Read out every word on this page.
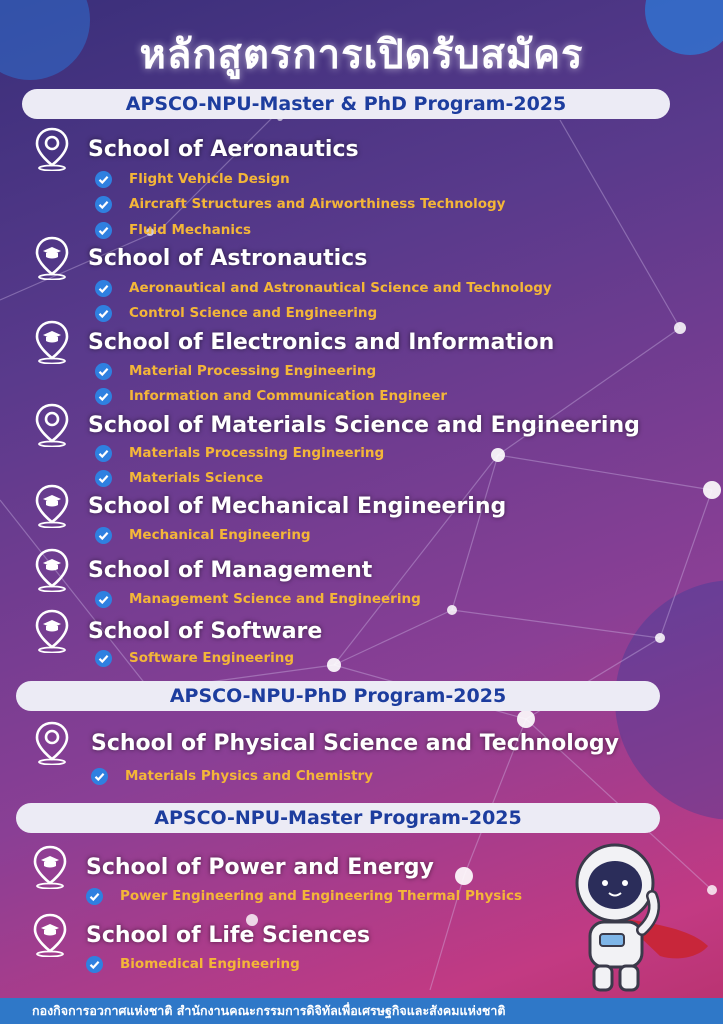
หลักสูตรการเปิดรับสมัคร
APSCO-NPU-Master & PhD Program-2025
School of Aeronautics
Flight Vehicle Design
Aircraft Structures and Airworthiness Technology
Fluid Mechanics
School of Astronautics
Aeronautical and Astronautical Science and Technology
Control Science and Engineering
School of Electronics and Information
Material Processing Engineering
Information and Communication Engineer
School of Materials Science and Engineering
Materials Processing Engineering
Materials Science
School of Mechanical Engineering
Mechanical Engineering
School of Management
Management Science and Engineering
School of Software
Software Engineering
APSCO-NPU-PhD Program-2025
School of Physical Science and Technology
Materials Physics and Chemistry
APSCO-NPU-Master Program-2025
School of Power and Energy
Power Engineering and Engineering Thermal Physics
School of Life Sciences
Biomedical Engineering
กองกิจการอวกาศแห่งชาติ สำนักงานคณะกรรมการดิจิทัลเพื่อเศรษฐกิจและสังคมแห่งชาติ
